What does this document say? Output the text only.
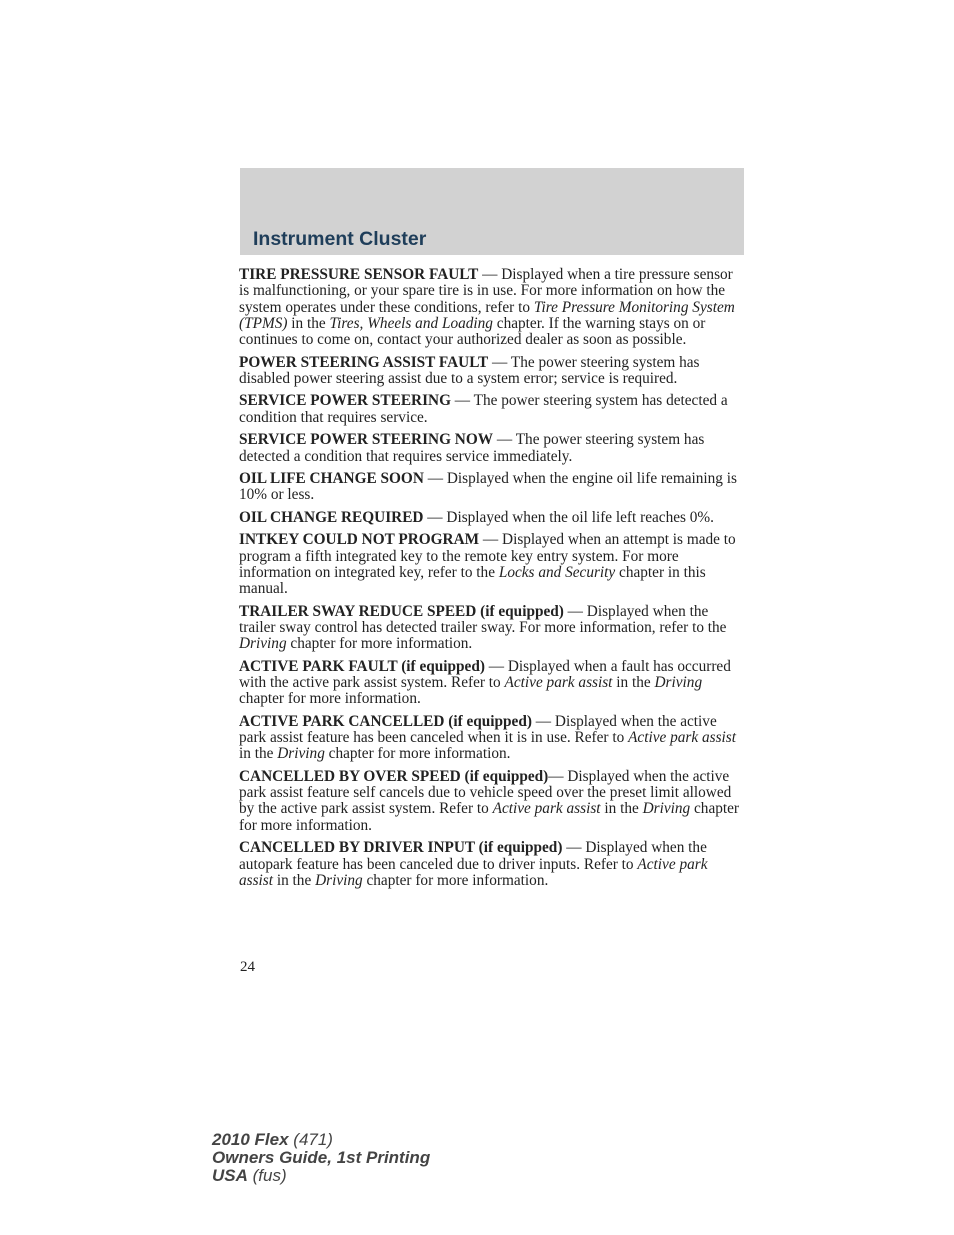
Instrument Cluster

TIRE PRESSURE SENSOR FAULT — Displayed when a tire pressure sensor is malfunctioning, or your spare tire is in use. For more information on how the system operates under these conditions, refer to Tire Pressure Monitoring System (TPMS) in the Tires, Wheels and Loading chapter. If the warning stays on or continues to come on, contact your authorized dealer as soon as possible.

POWER STEERING ASSIST FAULT — The power steering system has disabled power steering assist due to a system error; service is required.

SERVICE POWER STEERING — The power steering system has detected a condition that requires service.

SERVICE POWER STEERING NOW — The power steering system has detected a condition that requires service immediately.

OIL LIFE CHANGE SOON — Displayed when the engine oil life remaining is 10% or less.

OIL CHANGE REQUIRED — Displayed when the oil life left reaches 0%.

INTKEY COULD NOT PROGRAM — Displayed when an attempt is made to program a fifth integrated key to the remote key entry system. For more information on integrated key, refer to the Locks and Security chapter in this manual.

TRAILER SWAY REDUCE SPEED (if equipped) — Displayed when the trailer sway control has detected trailer sway. For more information, refer to the Driving chapter for more information.

ACTIVE PARK FAULT (if equipped) — Displayed when a fault has occurred with the active park assist system. Refer to Active park assist in the Driving chapter for more information.

ACTIVE PARK CANCELLED (if equipped) — Displayed when the active park assist feature has been canceled when it is in use. Refer to Active park assist in the Driving chapter for more information.

CANCELLED BY OVER SPEED (if equipped)— Displayed when the active park assist feature self cancels due to vehicle speed over the preset limit allowed by the active park assist system. Refer to Active park assist in the Driving chapter for more information.

CANCELLED BY DRIVER INPUT (if equipped) — Displayed when the autopark feature has been canceled due to driver inputs. Refer to Active park assist in the Driving chapter for more information.

24
2010 Flex (471)
Owners Guide, 1st Printing
USA (fus)
